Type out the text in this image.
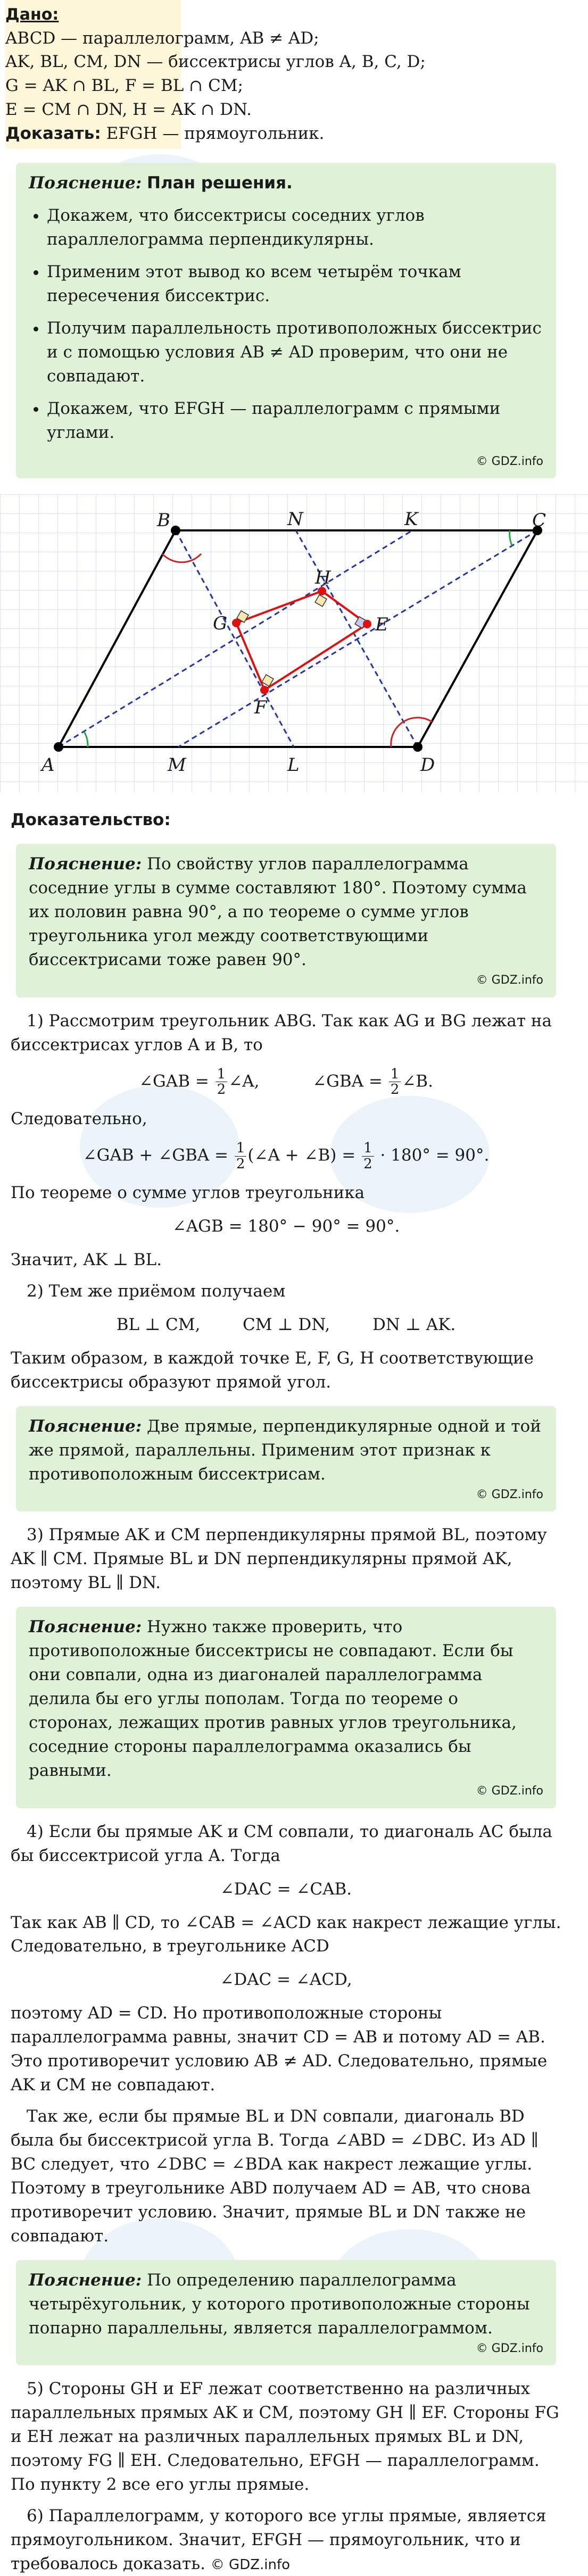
Дано:
ABCD — параллелограмм, AB ≠ AD;
AK, BL, CM, DN — биссектрисы углов A, B, C, D;
G = AK ∩ BL, F = BL ∩ CM;
E = CM ∩ DN, H = AK ∩ DN.
Доказать: EFGH — прямоугольник.
Пояснение: План решения.
• Докажем, что биссектрисы соседних углов параллелограмма перпендикулярны.
• Применим этот вывод ко всем четырём точкам пересечения биссектрис.
• Получим параллельность противоположных биссектрис и с помощью условия AB ≠ AD проверим, что они не совпадают.
• Докажем, что EFGH — параллелограмм с прямыми углами.
© GDZ.info
A
B	C
D
K
L
M
N
E
F
G
H
Доказательство:
Пояснение: По свойству углов параллелограмма соседние углы в сумме составляют 180°. Поэтому сумма их половин равна 90°, а по теореме о сумме углов треугольника угол между соответствующими биссектрисами тоже равен 90°.
© GDZ.info

1) Рассмотрим треугольник ABG. Так как AG и BG лежат на биссектрисах углов A и B, то

∠GAB = $\frac{1}{2}$ ∠A,	∠GBA = $\frac{1}{2}$ ∠B.

Следовательно,

∠GAB + ∠GBA = $\frac{1}{2}$ (∠A + ∠B) = $\frac{1}{2} \cdot 180^\circ = 90^\circ$.

По теореме о сумме углов треугольника

∠AGB = 180° − 90° = 90°.

Значит, AK ⊥ BL.

2) Тем же приёмом получаем

BL ⊥ CM,	CM ⊥ DN,	DN ⊥ AK.

Таким образом, в каждой точке E, F, G, H соответствующие биссектрисы образуют прямой угол.

Пояснение: Две прямые, перпендикулярные одной и той же прямой, параллельны. Применим этот признак к противоположным биссектрисам.
© GDZ.info

3) Прямые AK и CM перпендикулярны прямой BL, поэтому AK ∥ CM. Прямые BL и DN перпендикулярны прямой AK, поэтому BL ∥ DN.

Пояснение: Нужно также проверить, что противоположные биссектрисы не совпадают. Если бы они совпали, одна из диагоналей параллелограмма делила бы его углы пополам. Тогда по теореме о сторонах, лежащих против равных углов треугольника, соседние стороны параллелограмма оказались бы равными.
© GDZ.info

4) Если бы прямые AK и CM совпали, то диагональ AC была бы биссектрисой угла A. Тогда

∠DAC = ∠CAB.

Так как AB ∥ CD, то ∠CAB = ∠ACD как накрест лежащие углы. Следовательно, в треугольнике ACD

∠DAC = ∠ACD,

поэтому AD = CD. Но противоположные стороны параллелограмма равны, значит CD = AB и потому AD = AB. Это противоречит условию AB ≠ AD. Следовательно, прямые AK и CM не совпадают.

Так же, если бы прямые BL и DN совпали, диагональ BD была бы биссектрисой угла B. Тогда ∠ABD = ∠DBC. Из AD ∥ BC следует, что ∠DBC = ∠BDA как накрест лежащие углы. Поэтому в треугольнике ABD получаем AD = AB, что снова противоречит условию. Значит, прямые BL и DN также не совпадают.

Пояснение: По определению параллелограмма четырёхугольник, у которого противоположные стороны попарно параллельны, является параллелограммом.
© GDZ.info

5) Стороны GH и EF лежат соответственно на различных параллельных прямых AK и CM, поэтому GH ∥ EF. Стороны FG и EH лежат на различных параллельных прямых BL и DN, поэтому FG ∥ EH. Следовательно, EFGH — параллелограмм. По пункту 2 все его углы прямые.

6) Параллелограмм, у которого все углы прямые, является прямоугольником. Значит, EFGH — прямоугольник, что и требовалось доказать. © GDZ.info
